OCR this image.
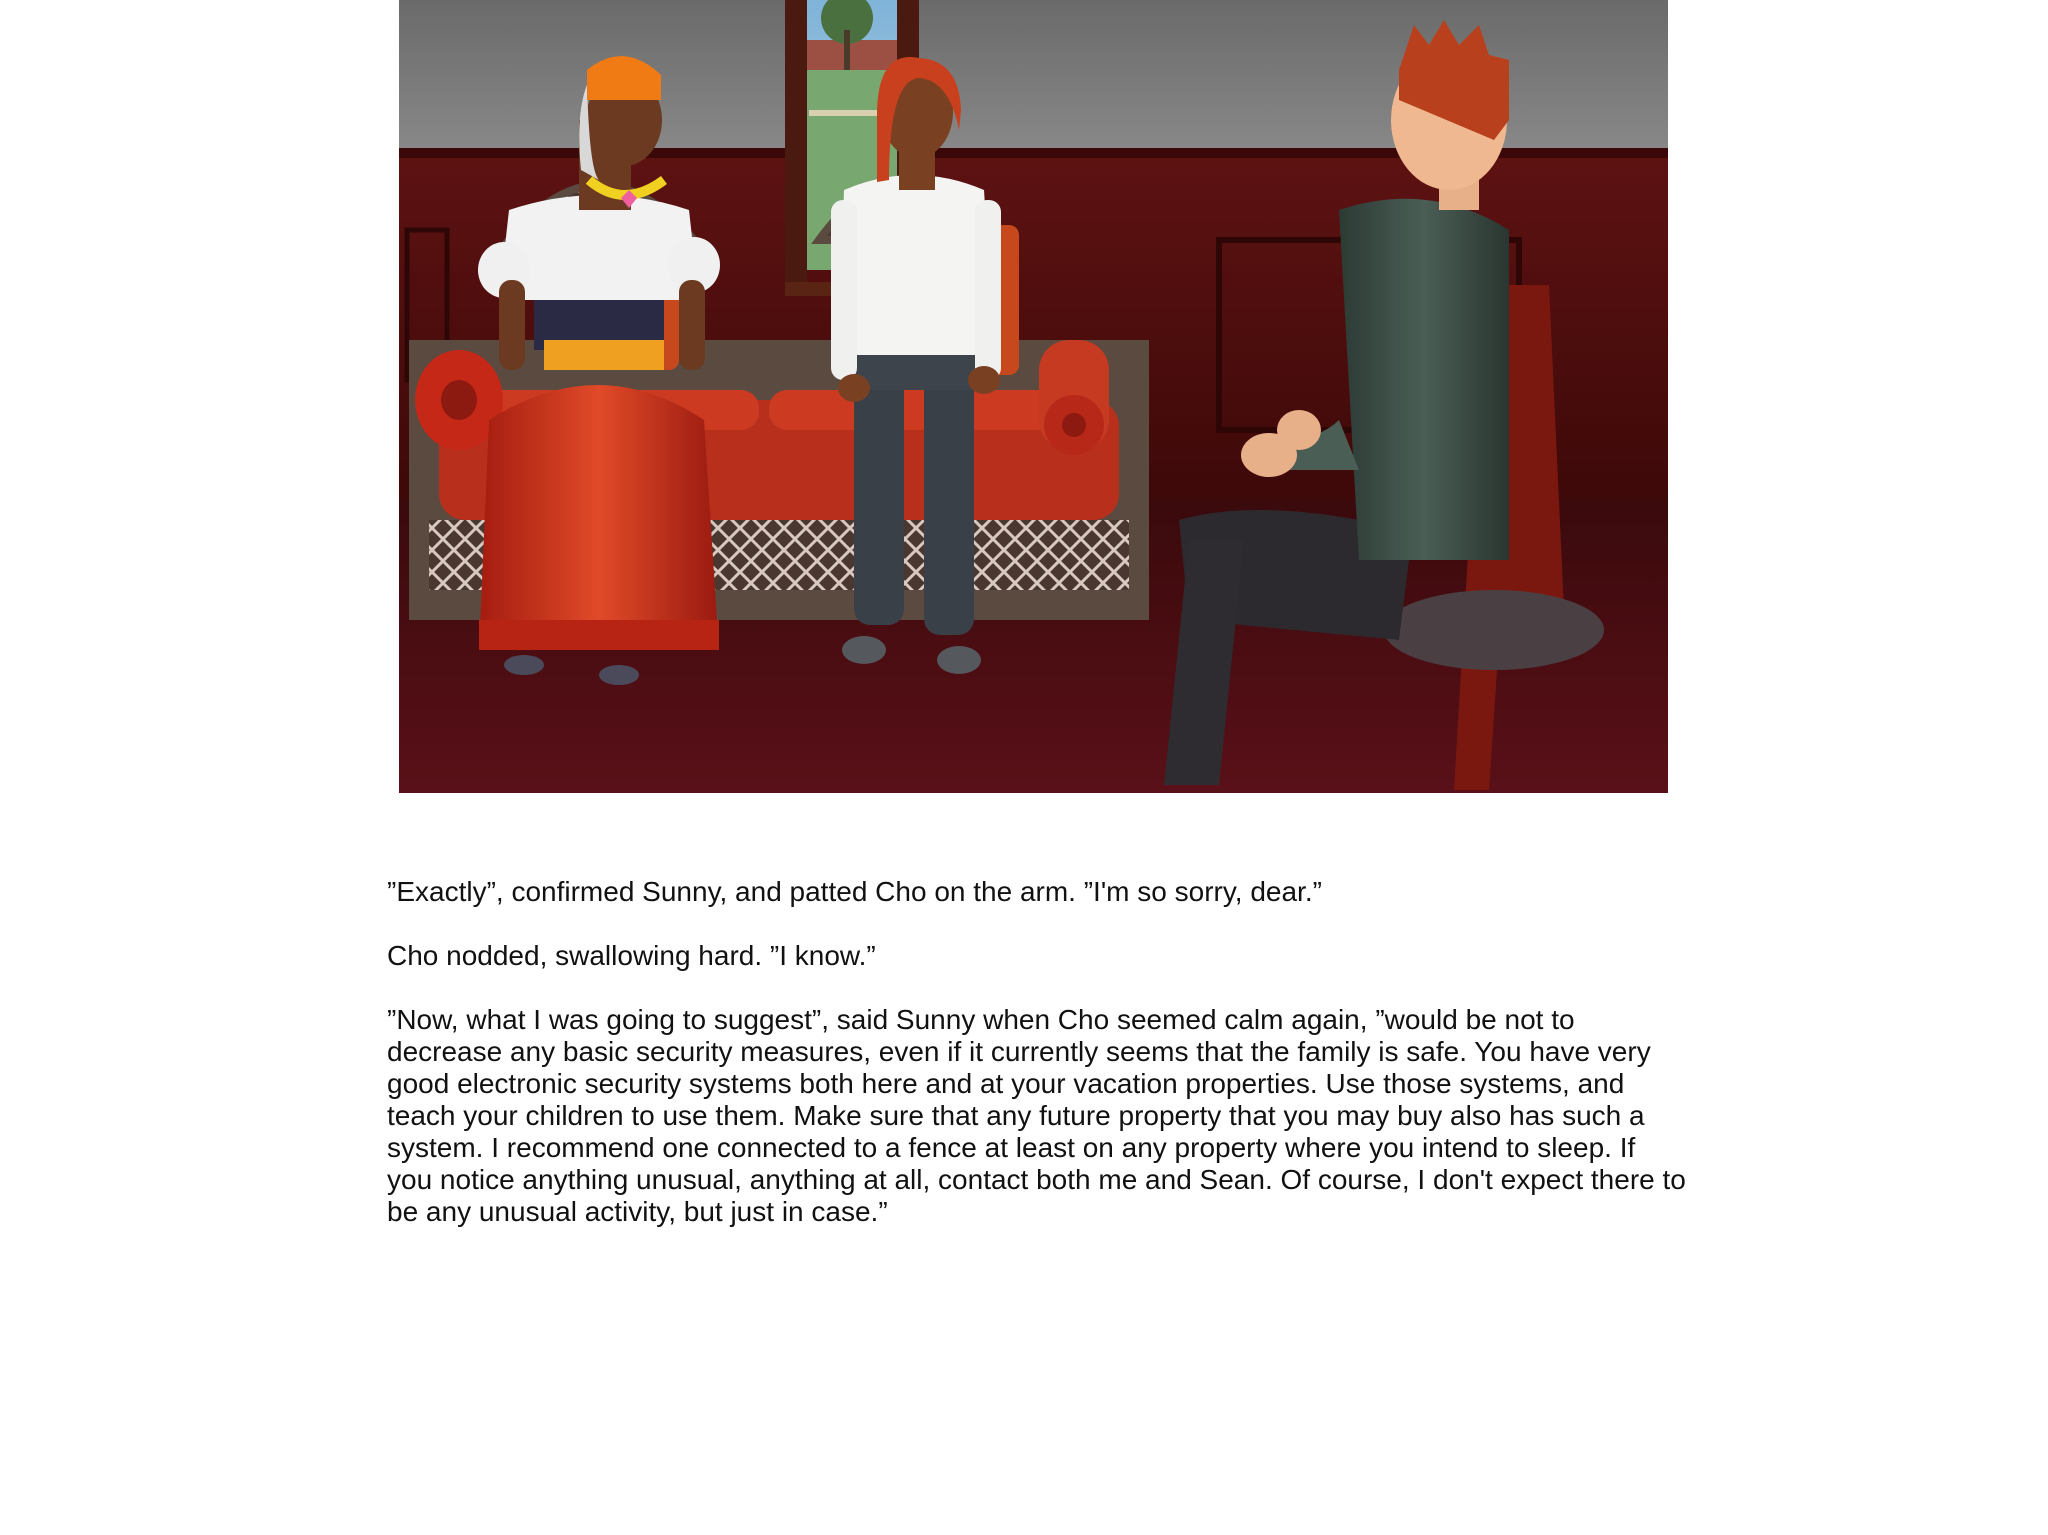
”Exactly”, confirmed Sunny, and patted Cho on the arm. ”I'm so sorry, dear.”

Cho nodded, swallowing hard. ”I know.”

”Now, what I was going to suggest”, said Sunny when Cho seemed calm again, ”would be not to decrease any basic security measures, even if it currently seems that the family is safe. You have very good electronic security systems both here and at your vacation properties. Use those systems, and teach your children to use them. Make sure that any future property that you may buy also has such a system. I recommend one connected to a fence at least on any property where you intend to sleep. If you notice anything unusual, anything at all, contact both me and Sean. Of course, I don't expect there to be any unusual activity, but just in case.”
